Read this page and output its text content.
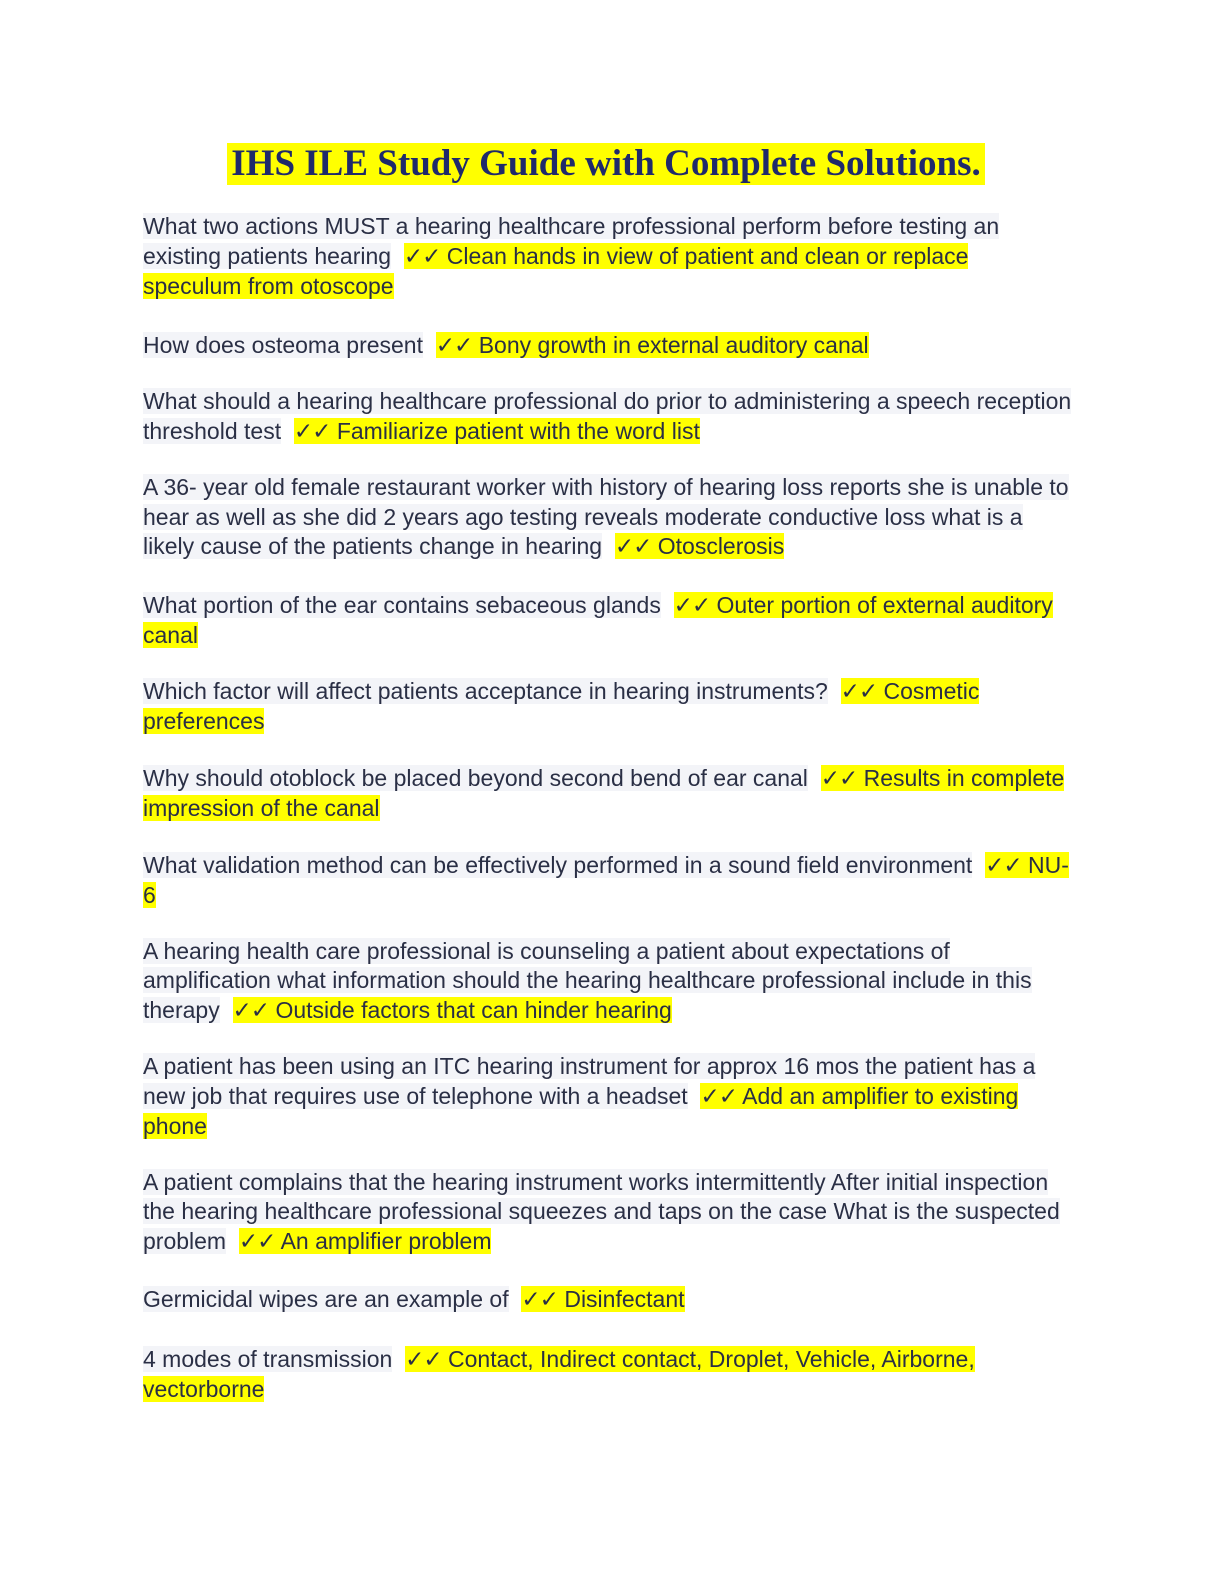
IHS ILE Study Guide with Complete Solutions.

What two actions MUST a hearing healthcare professional perform before testing an existing patients hearing ✓✓ Clean hands in view of patient and clean or replace speculum from otoscope

How does osteoma present ✓✓ Bony growth in external auditory canal

What should a hearing healthcare professional do prior to administering a speech reception threshold test ✓✓ Familiarize patient with the word list

A 36- year old female restaurant worker with history of hearing loss reports she is unable to hear as well as she did 2 years ago testing reveals moderate conductive loss what is a likely cause of the patients change in hearing ✓✓ Otosclerosis

What portion of the ear contains sebaceous glands ✓✓ Outer portion of external auditory canal

Which factor will affect patients acceptance in hearing instruments? ✓✓ Cosmetic preferences

Why should otoblock be placed beyond second bend of ear canal ✓✓ Results in complete impression of the canal

What validation method can be effectively performed in a sound field environment ✓✓ NU-6

A hearing health care professional is counseling a patient about expectations of amplification what information should the hearing healthcare professional include in this therapy ✓✓ Outside factors that can hinder hearing

A patient has been using an ITC hearing instrument for approx 16 mos the patient has a new job that requires use of telephone with a headset ✓✓ Add an amplifier to existing phone

A patient complains that the hearing instrument works intermittently After initial inspection the hearing healthcare professional squeezes and taps on the case What is the suspected problem ✓✓ An amplifier problem

Germicidal wipes are an example of ✓✓ Disinfectant

4 modes of transmission ✓✓ Contact, Indirect contact, Droplet, Vehicle, Airborne, vectorborne
